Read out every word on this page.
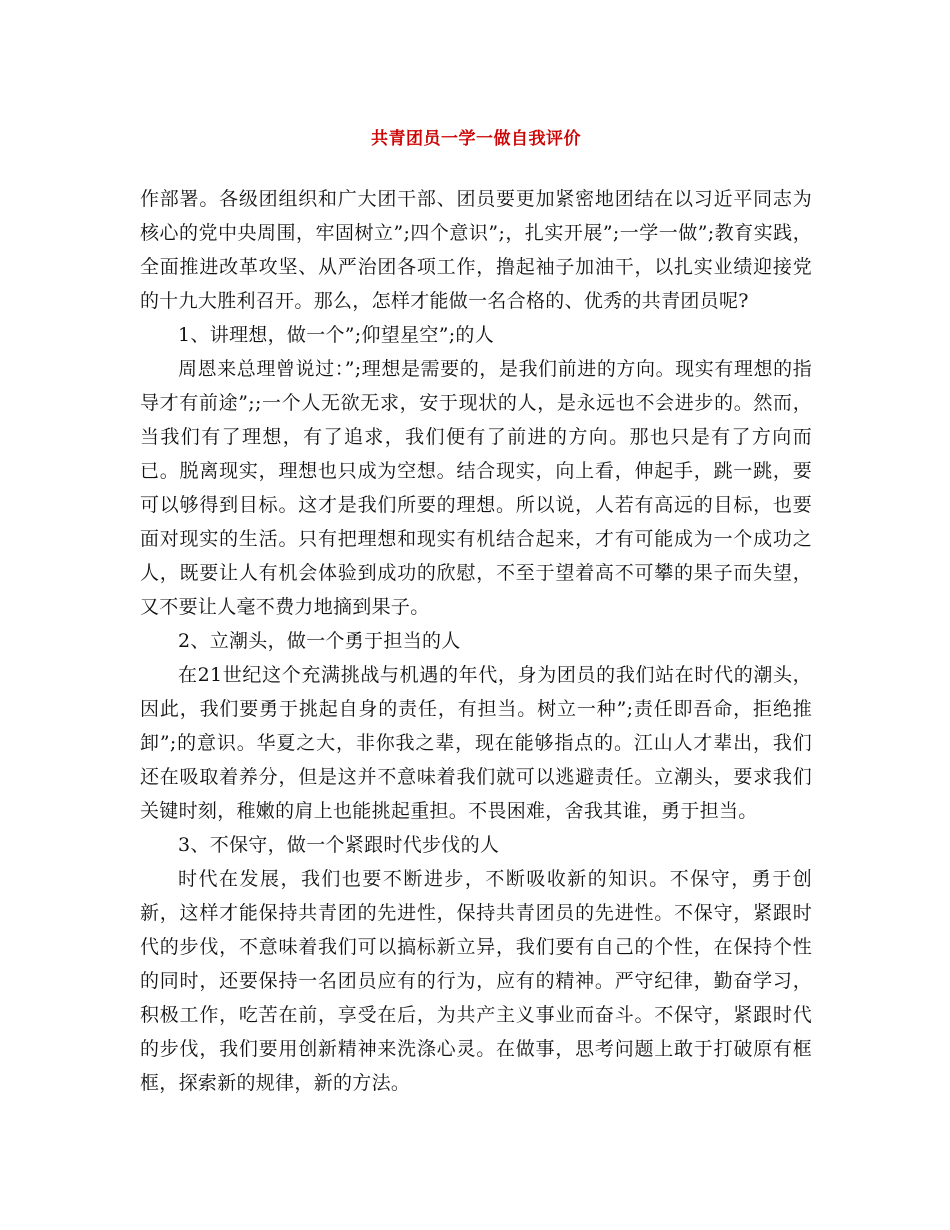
共青团员一学一做自我评价

作部署。各级团组织和广大团干部、团员要更加紧密地团结在以习近平同志为核心的党中央周围，牢固树立”;四个意识”;，扎实开展”;一学一做”;教育实践，全面推进改革攻坚、从严治团各项工作，撸起袖子加油干，以扎实业绩迎接党的十九大胜利召开。那么，怎样才能做一名合格的、优秀的共青团员呢?

1、讲理想，做一个”;仰望星空”;的人

周恩来总理曾说过：”;理想是需要的，是我们前进的方向。现实有理想的指导才有前途”;;一个人无欲无求，安于现状的人，是永远也不会进步的。然而，当我们有了理想，有了追求，我们便有了前进的方向。那也只是有了方向而已。脱离现实，理想也只成为空想。结合现实，向上看，伸起手，跳一跳，要可以够得到目标。这才是我们所要的理想。所以说，人若有高远的目标，也要面对现实的生活。只有把理想和现实有机结合起来，才有可能成为一个成功之人，既要让人有机会体验到成功的欣慰，不至于望着高不可攀的果子而失望，又不要让人毫不费力地摘到果子。

2、立潮头，做一个勇于担当的人

在21世纪这个充满挑战与机遇的年代，身为团员的我们站在时代的潮头，因此，我们要勇于挑起自身的责任，有担当。树立一种”;责任即吾命，拒绝推卸”;的意识。华夏之大，非你我之辈，现在能够指点的。江山人才辈出，我们还在吸取着养分，但是这并不意味着我们就可以逃避责任。立潮头，要求我们关键时刻，稚嫩的肩上也能挑起重担。不畏困难，舍我其谁，勇于担当。

3、不保守，做一个紧跟时代步伐的人

时代在发展，我们也要不断进步，不断吸收新的知识。不保守，勇于创新，这样才能保持共青团的先进性，保持共青团员的先进性。不保守，紧跟时代的步伐，不意味着我们可以搞标新立异，我们要有自己的个性，在保持个性的同时，还要保持一名团员应有的行为，应有的精神。严守纪律，勤奋学习，积极工作，吃苦在前，享受在后，为共产主义事业而奋斗。不保守，紧跟时代的步伐，我们要用创新精神来洗涤心灵。在做事，思考问题上敢于打破原有框框，探索新的规律，新的方法。
